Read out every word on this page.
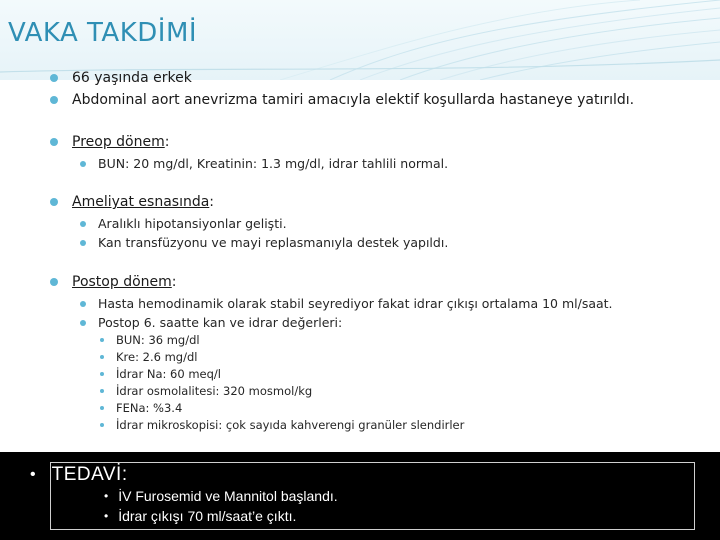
VAKA TAKDİMİ
66 yaşında erkek
Abdominal aort anevrizma tamiri amacıyla elektif koşullarda hastaneye yatırıldı.
Preop dönem:
BUN: 20 mg/dl, Kreatinin: 1.3 mg/dl, idrar tahlili normal.
Ameliyat esnasında:
Aralıklı hipotansiyonlar gelişti.
Kan transfüzyonu ve mayi replasmanıyla destek yapıldı.
Postop dönem:
Hasta hemodinamik olarak stabil seyrediyor fakat idrar çıkışı ortalama 10 ml/saat.
Postop 6. saatte kan ve idrar değerleri:
BUN: 36 mg/dl
Kre: 2.6 mg/dl
İdrar Na: 60 meq/l
İdrar osmolalitesi: 320 mosmol/kg
FENa: %3.4
İdrar mikroskopisi: çok sayıda kahverengi granüler slendirler
• TEDAVİ:
• İV Furosemid ve Mannitol başlandı.
• İdrar çıkışı 70 ml/saat’e çıktı.
